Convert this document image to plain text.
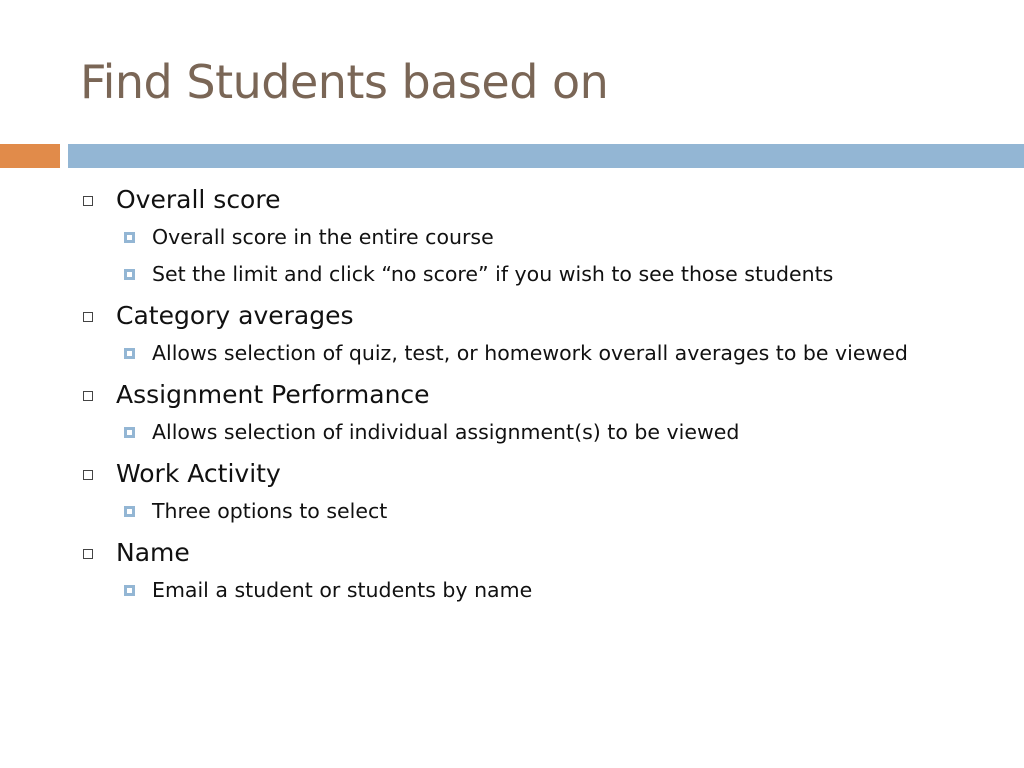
Find Students based on
Overall score
Overall score in the entire course
Set the limit and click “no score” if you wish to see those students
Category averages
Allows selection of quiz, test, or homework overall averages to be viewed
Assignment Performance
Allows selection of individual assignment(s) to be viewed
Work Activity
Three options to select
Name
Email a student or students by name
